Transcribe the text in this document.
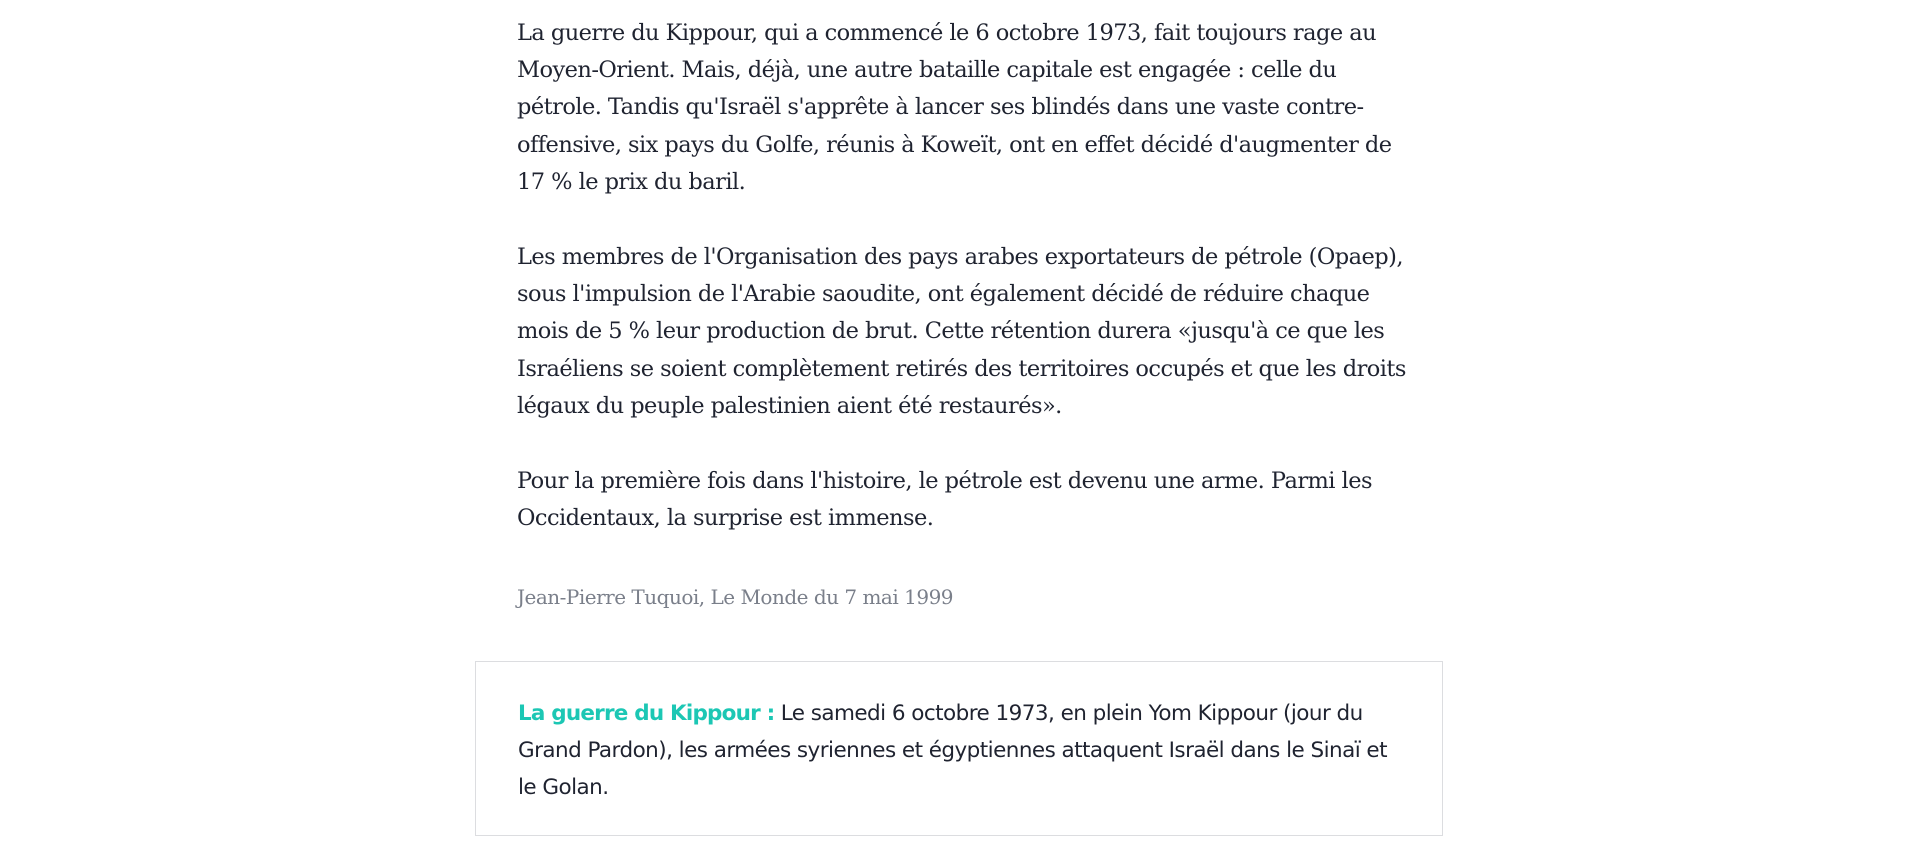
La guerre du Kippour, qui a commencé le 6 octobre 1973, fait toujours rage au Moyen-Orient. Mais, déjà, une autre bataille capitale est engagée : celle du pétrole. Tandis qu'Israël s'apprête à lancer ses blindés dans une vaste contre-offensive, six pays du Golfe, réunis à Koweït, ont en effet décidé d'augmenter de 17 % le prix du baril.

Les membres de l'Organisation des pays arabes exportateurs de pétrole (Opaep), sous l'impulsion de l'Arabie saoudite, ont également décidé de réduire chaque mois de 5 % leur production de brut. Cette rétention durera «jusqu'à ce que les Israéliens se soient complètement retirés des territoires occupés et que les droits légaux du peuple palestinien aient été restaurés».

Pour la première fois dans l'histoire, le pétrole est devenu une arme. Parmi les Occidentaux, la surprise est immense.

Jean-Pierre Tuquoi, Le Monde du 7 mai 1999

La guerre du Kippour : Le samedi 6 octobre 1973, en plein Yom Kippour (jour du Grand Pardon), les armées syriennes et égyptiennes attaquent Israël dans le Sinaï et le Golan.
